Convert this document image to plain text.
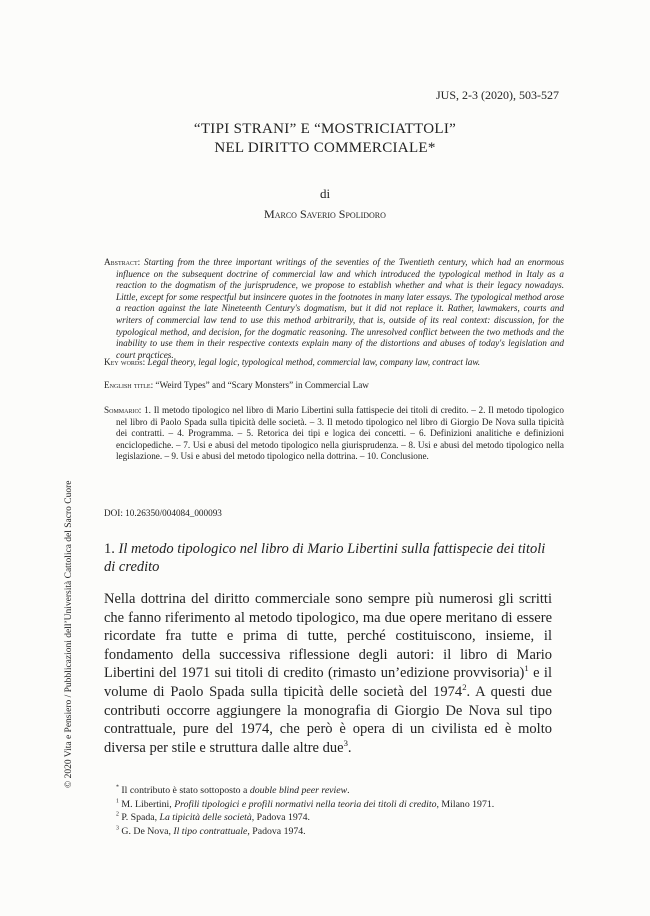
JUS, 2-3 (2020), 503-527
“TIPI STRANI” E “MOSTRICIATTOLI”
NEL DIRITTO COMMERCIALE*
di
Marco Saverio Spolidoro
Abstract: Starting from the three important writings of the seventies of the Twentieth century, which had an enormous influence on the subsequent doctrine of commercial law and which introduced the typological method in Italy as a reaction to the dogmatism of the jurisprudence, we propose to establish whether and what is their legacy nowadays. Little, except for some respectful but insincere quotes in the footnotes in many later essays. The typological method arose a reaction against the late Nineteenth Century's dogmatism, but it did not replace it. Rather, lawmakers, courts and writers of commercial law tend to use this method arbitrarily, that is, outside of its real context: discussion, for the typological method, and decision, for the dogmatic reasoning. The unresolved conflict between the two methods and the inability to use them in their respective contexts explain many of the distortions and abuses of today's legislation and court practices.
Key words: Legal theory, legal logic, typological method, commercial law, company law, contract law.
English title: “Weird Types” and “Scary Monsters” in Commercial Law
Sommario: 1. Il metodo tipologico nel libro di Mario Libertini sulla fattispecie dei titoli di credito. – 2. Il metodo tipologico nel libro di Paolo Spada sulla tipicità delle società. – 3. Il metodo tipologico nel libro di Giorgio De Nova sulla tipicità dei contratti. – 4. Programma. – 5. Retorica dei tipi e logica dei concetti. – 6. Definizioni analitiche e definizioni enciclopediche. – 7. Usi e abusi del metodo tipologico nella giurisprudenza. – 8. Usi e abusi del metodo tipologico nella legislazione. – 9. Usi e abusi del metodo tipologico nella dottrina. – 10. Conclusione.
DOI: 10.26350/004084_000093
1. Il metodo tipologico nel libro di Mario Libertini sulla fattispecie dei titoli di credito
Nella dottrina del diritto commerciale sono sempre più numerosi gli scritti che fanno riferimento al metodo tipologico, ma due opere meritano di essere ricordate fra tutte e prima di tutte, perché costituiscono, insieme, il fondamento della successiva riflessione degli autori: il libro di Mario Libertini del 1971 sui titoli di credito (rimasto un’edizione provvisoria)$^1$ e il volume di Paolo Spada sulla tipicità delle società del 1974$^2$. A questi due contributi occorre aggiungere la monografia di Giorgio De Nova sul tipo contrattuale, pure del 1974, che però è opera di un civilista ed è molto diversa per stile e struttura dalle altre due$^3$.
* Il contributo è stato sottoposto a double blind peer review.
$^1$ M. Libertini, Profili tipologici e profili normativi nella teoria dei titoli di credito, Milano 1971.
$^2$ P. Spada, La tipicità delle società, Padova 1974.
$^3$ G. De Nova, Il tipo contrattuale, Padova 1974.
© 2020 Vita e Pensiero / Pubblicazioni dell’Università Cattolica del Sacro Cuore
